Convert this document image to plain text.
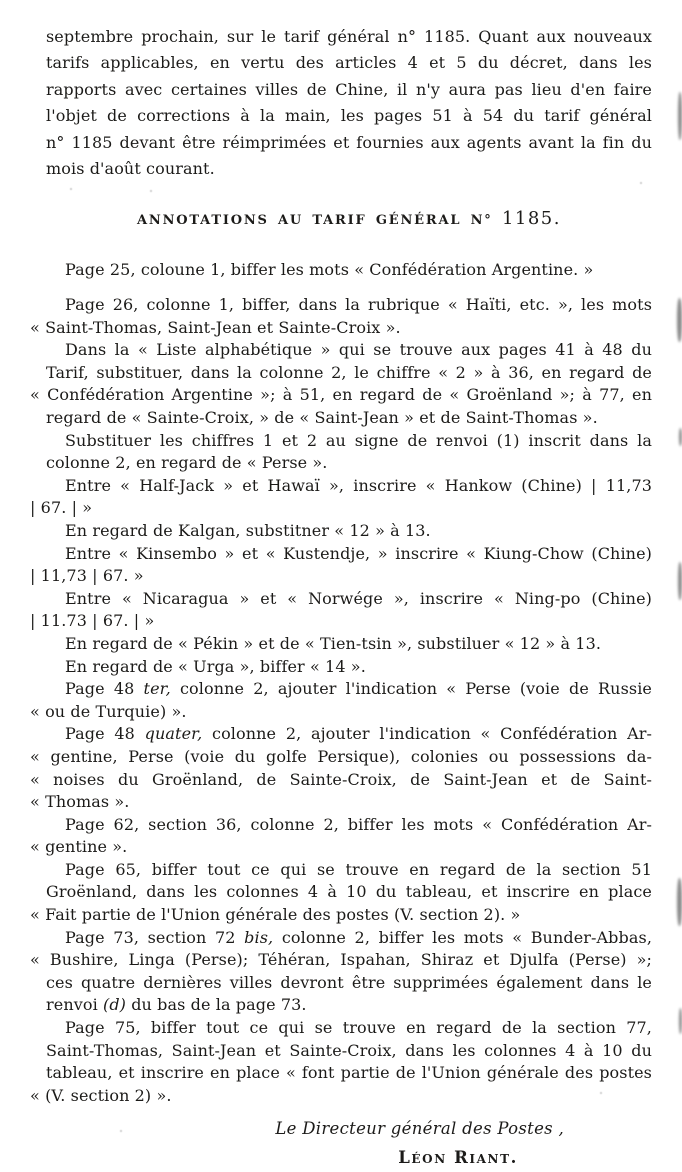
septembre prochain, sur le tarif général n° 1185. Quant aux nouveaux
tarifs applicables, en vertu des articles 4 et 5 du décret, dans les
rapports avec certaines villes de Chine, il n'y aura pas lieu d'en faire
l'objet de corrections à la main, les pages 51 à 54 du tarif général
n° 1185 devant être réimprimées et fournies aux agents avant la fin du
mois d'août courant.
ANNOTATIONS AU TARIF GÉNÉRAL N° 1185.
Page 25, coloune 1, biffer les mots « Confédération Argentine. »
Page 26, colonne 1, biffer, dans la rubrique « Haïti, etc. », les mots
« Saint-Thomas, Saint-Jean et Sainte-Croix ».
Dans la « Liste alphabétique » qui se trouve aux pages 41 à 48 du
Tarif, substituer, dans la colonne 2, le chiffre « 2 » à 36, en regard de
« Confédération Argentine »; à 51, en regard de « Groënland »; à 77, en
regard de « Sainte-Croix, » de « Saint-Jean » et de Saint-Thomas ».
Substituer les chiffres 1 et 2 au signe de renvoi (1) inscrit dans la
colonne 2, en regard de « Perse ».
Entre « Half-Jack » et Hawaï », inscrire « Hankow (Chine) | 11,73
| 67. | »
En regard de Kalgan, substitner « 12 » à 13.
Entre « Kinsembo » et « Kustendje, » inscrire « Kiung-Chow (Chine)
| 11,73 | 67. »
Entre « Nicaragua » et « Norwége », inscrire « Ning-po (Chine)
| 11.73 | 67. | »
En regard de « Pékin » et de « Tien-tsin », substiluer « 12 » à 13.
En regard de « Urga », biffer « 14 ».
Page 48 ter, colonne 2, ajouter l'indication « Perse (voie de Russie
« ou de Turquie) ».
Page 48 quater, colonne 2, ajouter l'indication « Confédération Ar-
« gentine, Perse (voie du golfe Persique), colonies ou possessions da-
« noises du Groënland, de Sainte-Croix, de Saint-Jean et de Saint-
« Thomas ».
Page 62, section 36, colonne 2, biffer les mots « Confédération Ar-
« gentine ».
Page 65, biffer tout ce qui se trouve en regard de la section 51
Groënland, dans les colonnes 4 à 10 du tableau, et inscrire en place
« Fait partie de l'Union générale des postes (V. section 2). »
Page 73, section 72 bis, colonne 2, biffer les mots « Bunder-Abbas,
« Bushire, Linga (Perse); Téhéran, Ispahan, Shiraz et Djulfa (Perse) »;
ces quatre dernières villes devront être supprimées également dans le
renvoi (d) du bas de la page 73.
Page 75, biffer tout ce qui se trouve en regard de la section 77,
Saint-Thomas, Saint-Jean et Sainte-Croix, dans les colonnes 4 à 10 du
tableau, et inscrire en place « font partie de l'Union générale des postes
« (V. section 2) ».
Le Directeur général des Postes ,
Léon Riant.
